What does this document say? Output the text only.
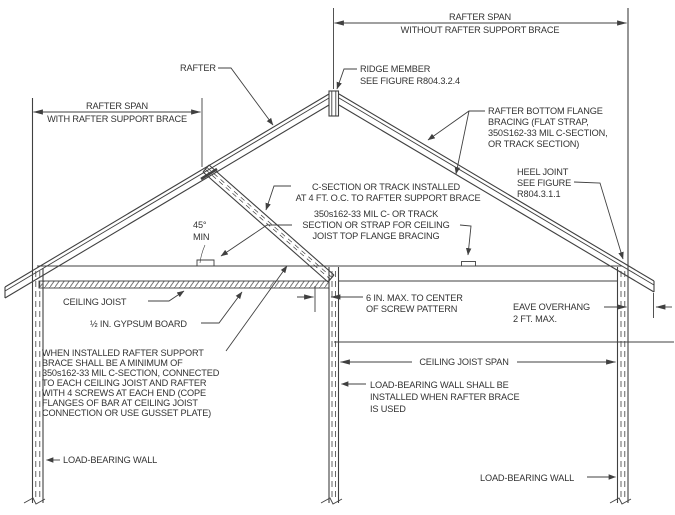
RAFTER SPAN
WITHOUT RAFTER SUPPORT BRACE
RAFTER SPAN
WITH RAFTER SUPPORT BRACE
RAFTER	RIDGE MEMBER
SEE FIGURE R804.3.2.4
RAFTER BOTTOM FLANGE
BRACING (FLAT STRAP,
350S162-33 MIL C-SECTION,
OR TRACK SECTION)
HEEL JOINT
SEE FIGURE
R804.3.1.1
C-SECTION OR TRACK INSTALLED
AT 4 FT. O.C. TO RAFTER SUPPORT BRACE
350s162-33 MIL C- OR TRACK
SECTION OR STRAP FOR CEILING
JOIST TOP FLANGE BRACING
45°
MIN
CEILING JOIST
½ IN. GYPSUM BOARD
6 IN. MAX. TO CENTER
OF SCREW PATTERN	EAVE OVERHANG
2 FT. MAX.
WHEN INSTALLED RAFTER SUPPORT
BRACE SHALL BE A MINIMUM OF
350s162-33 MIL C-SECTION, CONNECTED
TO EACH CEILING JOIST AND RAFTER
WITH 4 SCREWS AT EACH END (COPE
FLANGES OF BAR AT CEILING JOIST
CONNECTION OR USE GUSSET PLATE)
CEILING JOIST SPAN
LOAD-BEARING WALL SHALL BE
INSTALLED WHEN RAFTER BRACE
IS USED
LOAD-BEARING WALL
LOAD-BEARING WALL
